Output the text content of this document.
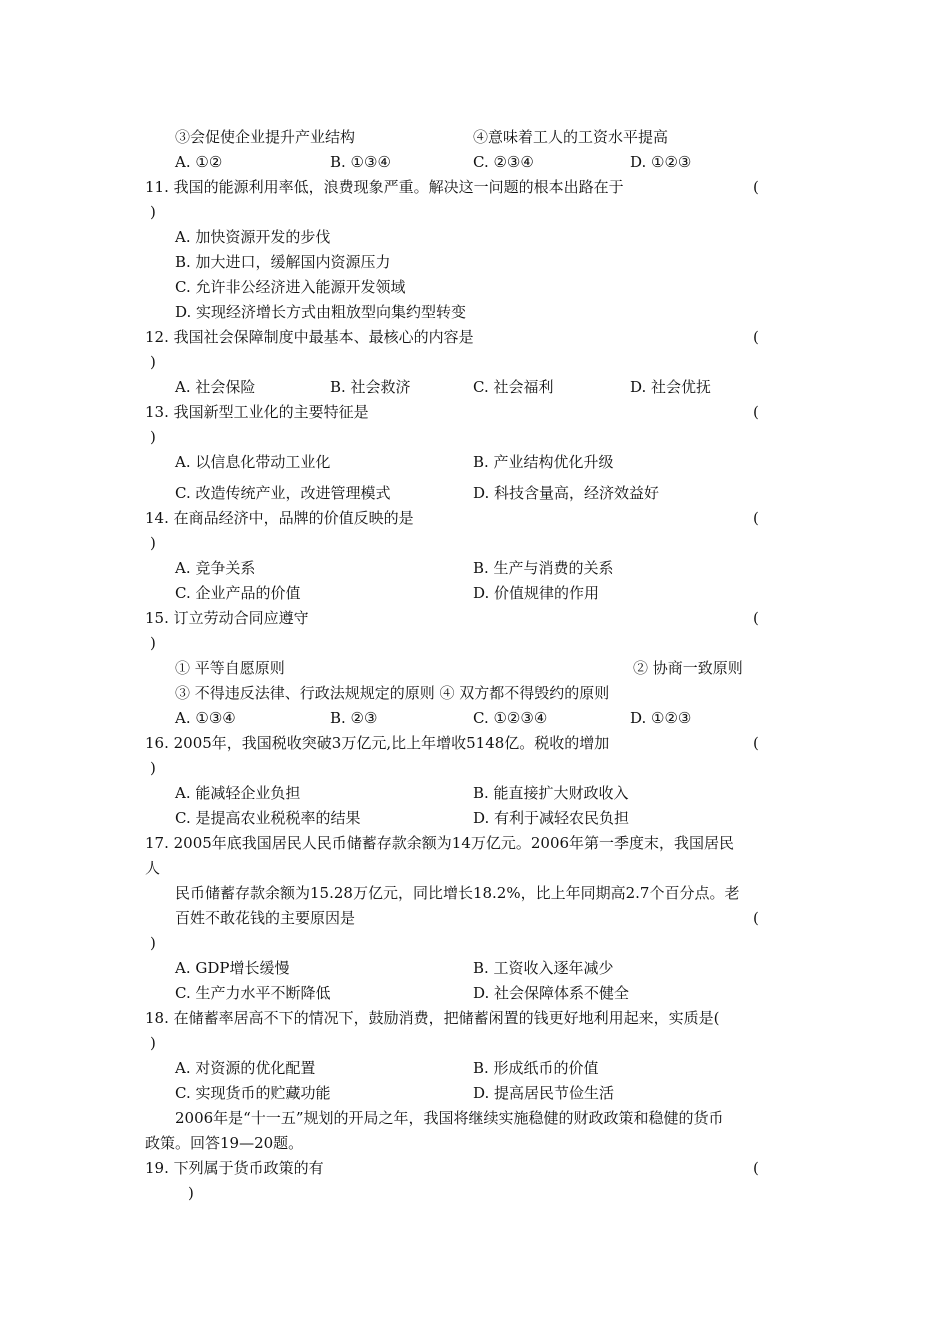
③会促使企业提升产业结构	④意味着工人的工资水平提高
A. ①②	B. ①③④	C. ②③④	D. ①②③
11. 我国的能源利用率低，浪费现象严重。解决这一问题的根本出路在于	(
)
A. 加快资源开发的步伐
B. 加大进口，缓解国内资源压力
C. 允许非公经济进入能源开发领域
D. 实现经济增长方式由粗放型向集约型转变
12. 我国社会保障制度中最基本、最核心的内容是	(
)
A. 社会保险	B. 社会救济	C. 社会福利	D. 社会优抚
13. 我国新型工业化的主要特征是	(
)
A. 以信息化带动工业化	B. 产业结构优化升级
C. 改造传统产业，改进管理模式	D. 科技含量高，经济效益好
14. 在商品经济中，品牌的价值反映的是	(
)
A. 竞争关系	B. 生产与消费的关系
C. 企业产品的价值	D. 价值规律的作用
15. 订立劳动合同应遵守	(
)
① 平等自愿原则	② 协商一致原则
③ 不得违反法律、行政法规规定的原则 ④ 双方都不得毁约的原则
A. ①③④	B. ②③	C. ①②③④	D. ①②③
16. 2005年，我国税收突破3万亿元,比上年增收5148亿。税收的增加	(
)
A. 能减轻企业负担	B. 能直接扩大财政收入
C. 是提高农业税税率的结果	D. 有利于减轻农民负担
17. 2005年底我国居民人民币储蓄存款余额为14万亿元。2006年第一季度末，我国居民
人
民币储蓄存款余额为15.28万亿元，同比增长18.2%，比上年同期高2.7个百分点。老
百姓不敢花钱的主要原因是	(
)
A. GDP增长缓慢	B. 工资收入逐年减少
C. 生产力水平不断降低	D. 社会保障体系不健全
18. 在储蓄率居高不下的情况下，鼓励消费，把储蓄闲置的钱更好地利用起来，实质是(
)
A. 对资源的优化配置	B. 形成纸币的价值
C. 实现货币的贮藏功能	D. 提高居民节俭生活
2006年是“十一五”规划的开局之年，我国将继续实施稳健的财政政策和稳健的货币
政策。回答19—20题。
19. 下列属于货币政策的有	(
)
